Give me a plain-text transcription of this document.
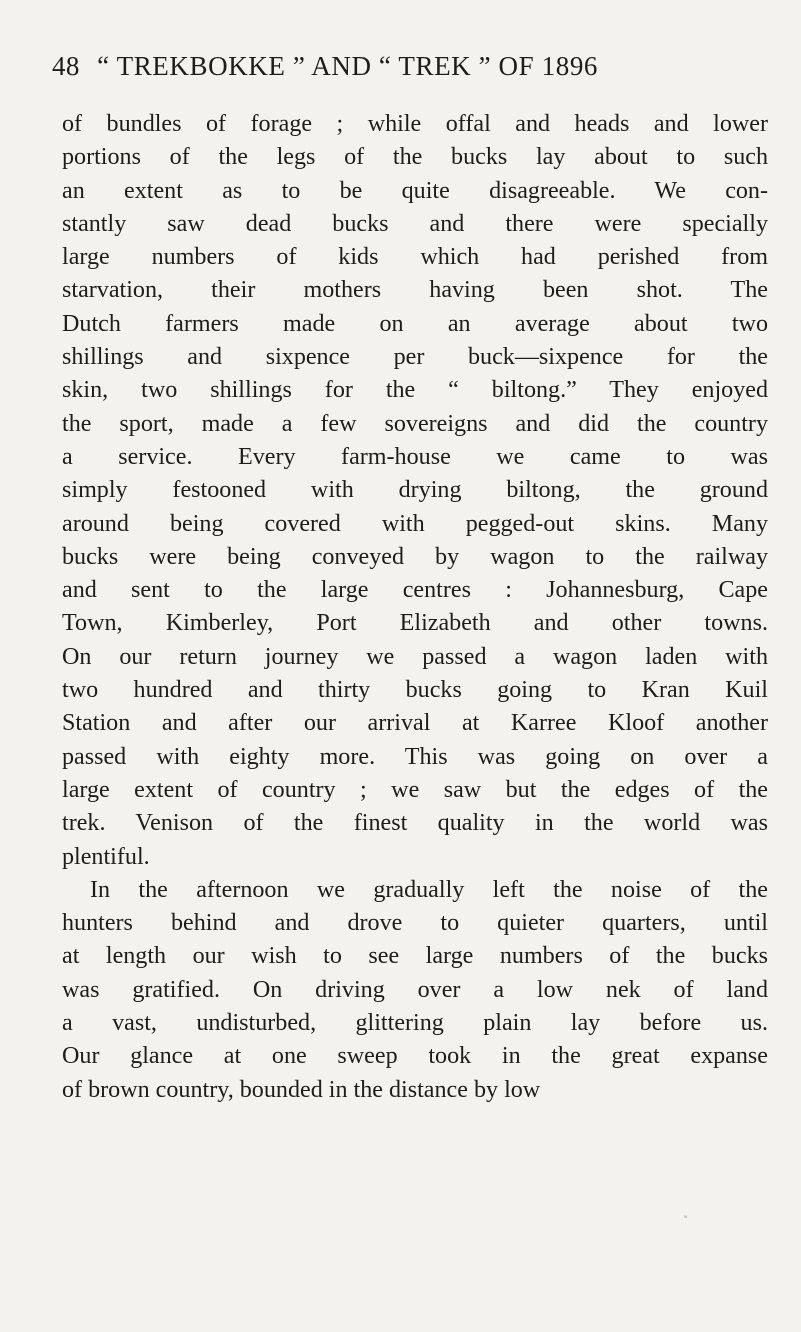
48 “ TREKBOKKE ” AND “ TREK ” OF 1896
of bundles of forage ; while offal and heads and lower
portions of the legs of the bucks lay about to such
an extent as to be quite disagreeable. We con-
stantly saw dead bucks and there were specially
large numbers of kids which had perished from
starvation, their mothers having been shot. The
Dutch farmers made on an average about two
shillings and sixpence per buck—sixpence for the
skin, two shillings for the “ biltong.” They enjoyed
the sport, made a few sovereigns and did the country
a service. Every farm-house we came to was
simply festooned with drying biltong, the ground
around being covered with pegged-out skins. Many
bucks were being conveyed by wagon to the railway
and sent to the large centres : Johannesburg, Cape
Town, Kimberley, Port Elizabeth and other towns.
On our return journey we passed a wagon laden with
two hundred and thirty bucks going to Kran Kuil
Station and after our arrival at Karree Kloof another
passed with eighty more. This was going on over a
large extent of country ; we saw but the edges of the
trek. Venison of the finest quality in the world was
plentiful.
In the afternoon we gradually left the noise of the
hunters behind and drove to quieter quarters, until
at length our wish to see large numbers of the bucks
was gratified. On driving over a low nek of land
a vast, undisturbed, glittering plain lay before us.
Our glance at one sweep took in the great expanse
of brown country, bounded in the distance by low
ʷ
